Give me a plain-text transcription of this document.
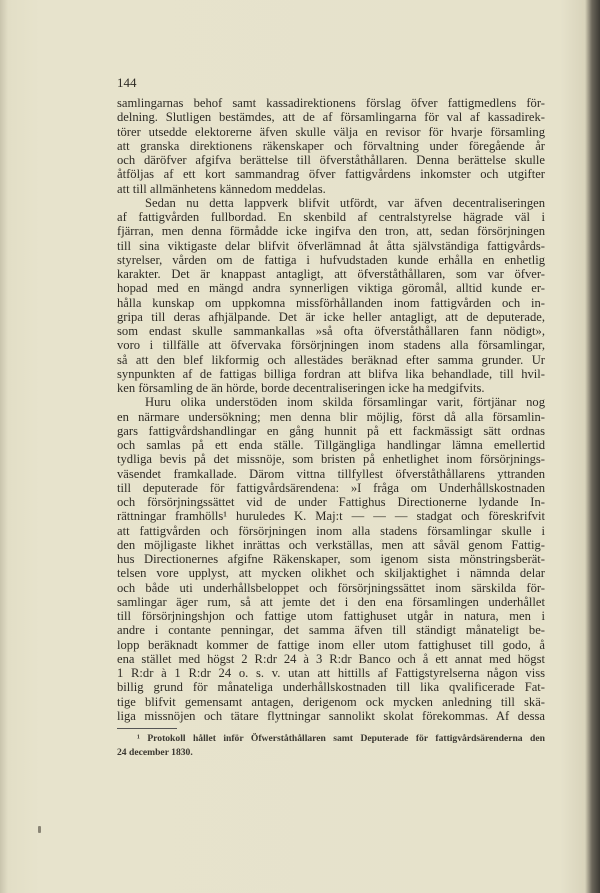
144
samlingarnas behof samt kassadirektionens förslag öfver fattigmedlens för-
delning. Slutligen bestämdes, att de af församlingarna för val af kassadirek-
törer utsedde elektorerne äfven skulle välja en revisor för hvarje församling
att granska direktionens räkenskaper och förvaltning under föregående år
och däröfver afgifva berättelse till öfverståthållaren. Denna berättelse skulle
åtföljas af ett kort sammandrag öfver fattigvårdens inkomster och utgifter
att till allmänhetens kännedom meddelas.
Sedan nu detta lappverk blifvit utfördt, var äfven decentraliseringen
af fattigvården fullbordad. En skenbild af centralstyrelse hägrade väl i
fjärran, men denna förmådde icke ingifva den tron, att, sedan försörjningen
till sina viktigaste delar blifvit öfverlämnad åt åtta självständiga fattigvårds-
styrelser, vården om de fattiga i hufvudstaden kunde erhålla en enhetlig
karakter. Det är knappast antagligt, att öfverståthållaren, som var öfver-
hopad med en mängd andra synnerligen viktiga göromål, alltid kunde er-
hålla kunskap om uppkomna missförhållanden inom fattigvården och in-
gripa till deras afhjälpande. Det är icke heller antagligt, att de deputerade,
som endast skulle sammankallas »så ofta öfverståthållaren fann nödigt»,
voro i tillfälle att öfvervaka försörjningen inom stadens alla församlingar,
så att den blef likformig och allestädes beräknad efter samma grunder. Ur
synpunkten af de fattigas billiga fordran att blifva lika behandlade, till hvil-
ken församling de än hörde, borde decentraliseringen icke ha medgifvits.
Huru olika understöden inom skilda församlingar varit, förtjänar nog
en närmare undersökning; men denna blir möjlig, först då alla församlin-
gars fattigvårdshandlingar en gång hunnit på ett fackmässigt sätt ordnas
och samlas på ett enda ställe. Tillgängliga handlingar lämna emellertid
tydliga bevis på det missnöje, som bristen på enhetlighet inom försörjnings-
väsendet framkallade. Därom vittna tillfyllest öfverståthållarens yttranden
till deputerade för fattigvårdsärendena: »I fråga om Underhållskostnaden
och försörjningssättet vid de under Fattighus Directionerne lydande In-
rättningar framhölls¹ huruledes K. Maj:t — — — stadgat och föreskrifvit
att fattigvården och försörjningen inom alla stadens församlingar skulle i
den möjligaste likhet inrättas och verkställas, men att såväl genom Fattig-
hus Directionernes afgifne Räkenskaper, som igenom sista mönstringsberät-
telsen vore upplyst, att mycken olikhet och skiljaktighet i nämnda delar
och både uti underhållsbeloppet och försörjningssättet inom särskilda för-
samlingar äger rum, så att jemte det i den ena församlingen underhållet
till försörjningshjon och fattige utom fattighuset utgår in natura, men i
andre i contante penningar, det samma äfven till ständigt månateligt be-
lopp beräknadt kommer de fattige inom eller utom fattighuset till godo, å
ena stället med högst 2 R:dr 24 à 3 R:dr Banco och å ett annat med högst
1 R:dr à 1 R:dr 24 o. s. v. utan att hittills af Fattigstyrelserna någon viss
billig grund för månateliga underhållskostnaden till lika qvalificerade Fat-
tige blifvit gemensamt antagen, derigenom ock mycken anledning till skä-
liga missnöjen och tätare flyttningar sannolikt skolat förekommas. Af dessa
¹ Protokoll hållet inför Öfwerståthållaren samt Deputerade för fattigvårdsärenderna den
24 december 1830.
